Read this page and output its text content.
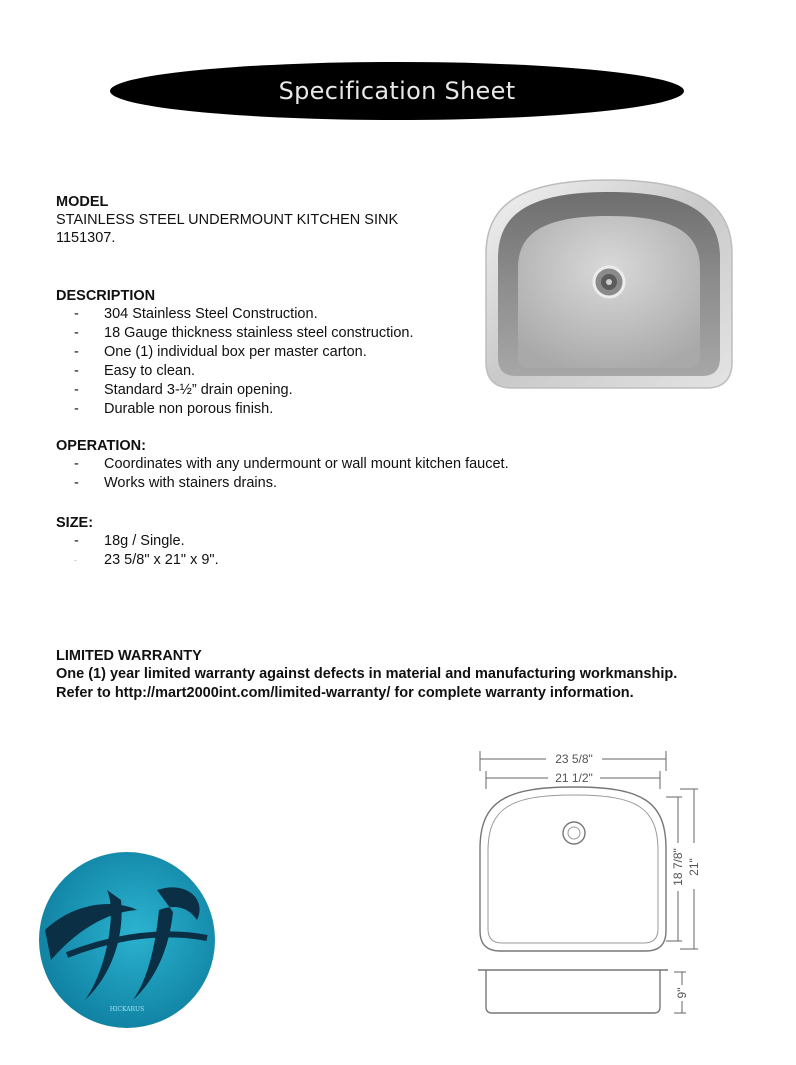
Specification Sheet
MODEL
STAINLESS STEEL UNDERMOUNT KITCHEN SINK
1151307.
DESCRIPTION
- 304 Stainless Steel Construction.
- 18 Gauge thickness stainless steel construction.
- One (1) individual box per master carton.
- Easy to clean.
- Standard 3-½” drain opening.
- Durable non porous finish.
OPERATION:
- Coordinates with any undermount or wall mount kitchen faucet.
- Works with stainers drains.
SIZE:
- 18g / Single.
- 23 5/8" x 21" x 9".
LIMITED WARRANTY
One (1) year limited warranty against defects in material and manufacturing workmanship.
Refer to http://mart2000int.com/limited-warranty/ for complete warranty information.
HICKARUS
23 5/8"
21 1/2"
18 7/8" 21"
9"
